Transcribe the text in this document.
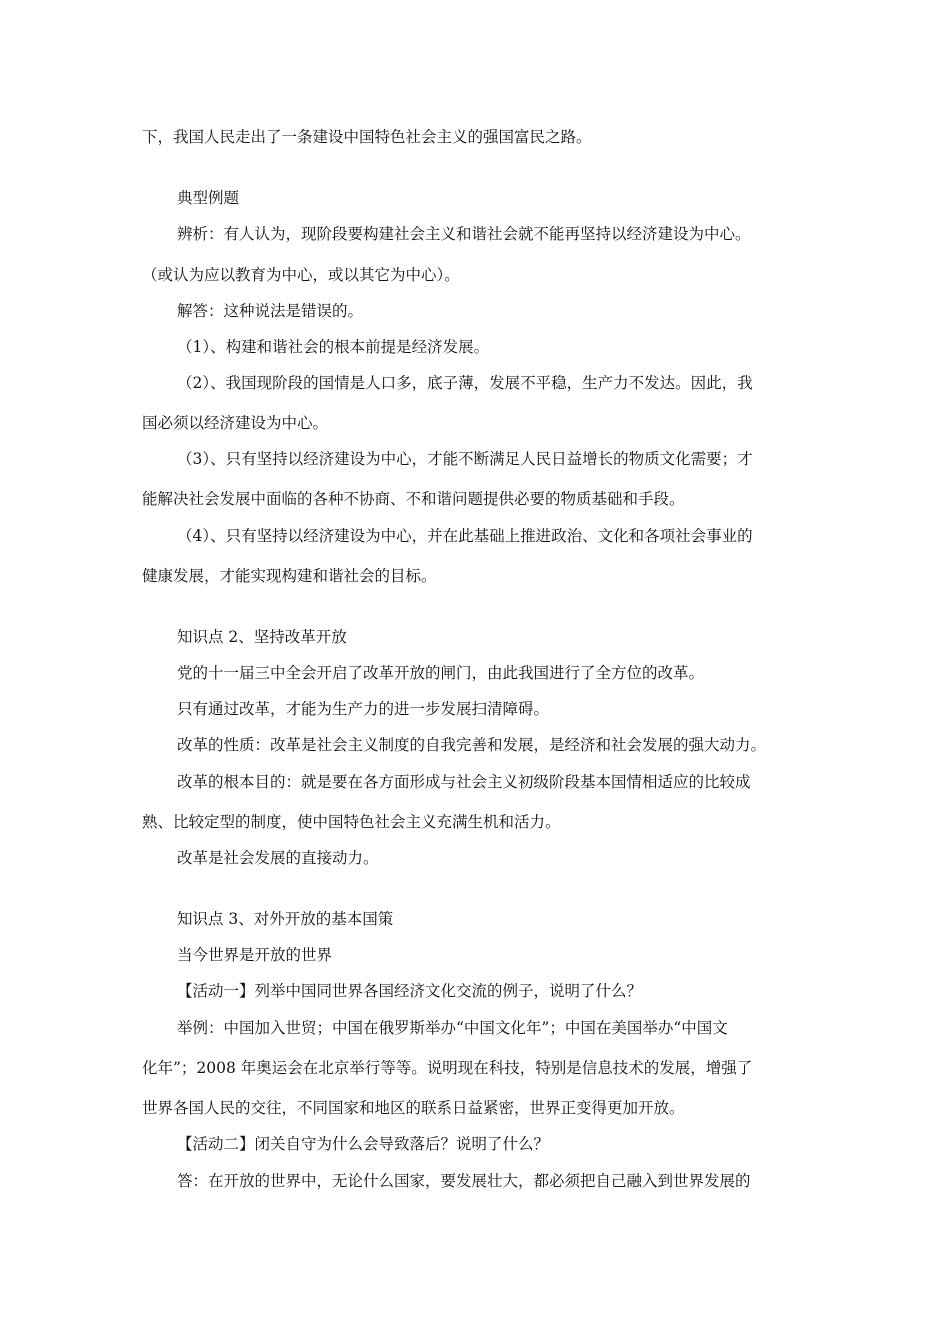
下，我国人民走出了一条建设中国特色社会主义的强国富民之路。
典型例题
辨析：有人认为，现阶段要构建社会主义和谐社会就不能再坚持以经济建设为中心。
（或认为应以教育为中心，或以其它为中心）。
解答：这种说法是错误的。
（1）、构建和谐社会的根本前提是经济发展。
（2）、我国现阶段的国情是人口多，底子薄，发展不平稳，生产力不发达。因此，我
国必须以经济建设为中心。
（3）、只有坚持以经济建设为中心，才能不断满足人民日益增长的物质文化需要；才
能解决社会发展中面临的各种不协商、不和谐问题提供必要的物质基础和手段。
（4）、只有坚持以经济建设为中心，并在此基础上推进政治、文化和各项社会事业的
健康发展，才能实现构建和谐社会的目标。
知识点 2、坚持改革开放
党的十一届三中全会开启了改革开放的闸门，由此我国进行了全方位的改革。
只有通过改革，才能为生产力的进一步发展扫清障碍。
改革的性质：改革是社会主义制度的自我完善和发展，是经济和社会发展的强大动力。
改革的根本目的：就是要在各方面形成与社会主义初级阶段基本国情相适应的比较成
熟、比较定型的制度，使中国特色社会主义充满生机和活力。
改革是社会发展的直接动力。
知识点 3、对外开放的基本国策
当今世界是开放的世界
【活动一】列举中国同世界各国经济文化交流的例子，说明了什么？
举例：中国加入世贸；中国在俄罗斯举办“中国文化年”；中国在美国举办“中国文
化年”；2008 年奥运会在北京举行等等。说明现在科技，特别是信息技术的发展，增强了
世界各国人民的交往，不同国家和地区的联系日益紧密，世界正变得更加开放。
【活动二】闭关自守为什么会导致落后？说明了什么？
答：在开放的世界中，无论什么国家，要发展壮大，都必须把自己融入到世界发展的
